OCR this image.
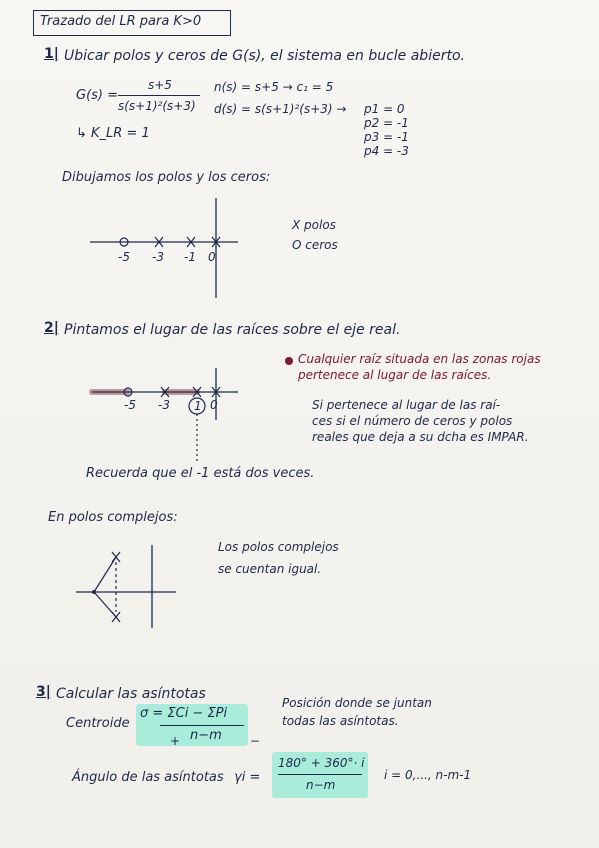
Trazado del LR para K>0
1| Ubicar polos y ceros de G(s), el sistema en bucle abierto.
G(s) =
s+5
s(s+1)²(s+3)
n(s) = s+5 → c₁ = 5
d(s) = s(s+1)²(s+3) → p1 = 0
p2 = -1
p3 = -1
p4 = -3
↳ K_LR = 1
Dibujamos los polos y los ceros:
-5 -3 -1 0
X polos
O ceros
2| Pintamos el lugar de las raíces sobre el eje real.
-5 -3 1 0
Cualquier raíz situada en las zonas rojas
pertenece al lugar de las raíces.
Si pertenece al lugar de las raí-
ces si el número de ceros y polos
reales que deja a su dcha es IMPAR.
Recuerda que el -1 está dos veces.
En polos complejos:
Los polos complejos
se cuentan igual.
3| Calcular las asíntotas
Centroide
σ = ΣCi − ΣPi
n−m
+	−
Posición donde se juntan
todas las asíntotas.
Ángulo de las asíntotas γi =
180° + 360°· i
n−m
i = 0,..., n-m-1
